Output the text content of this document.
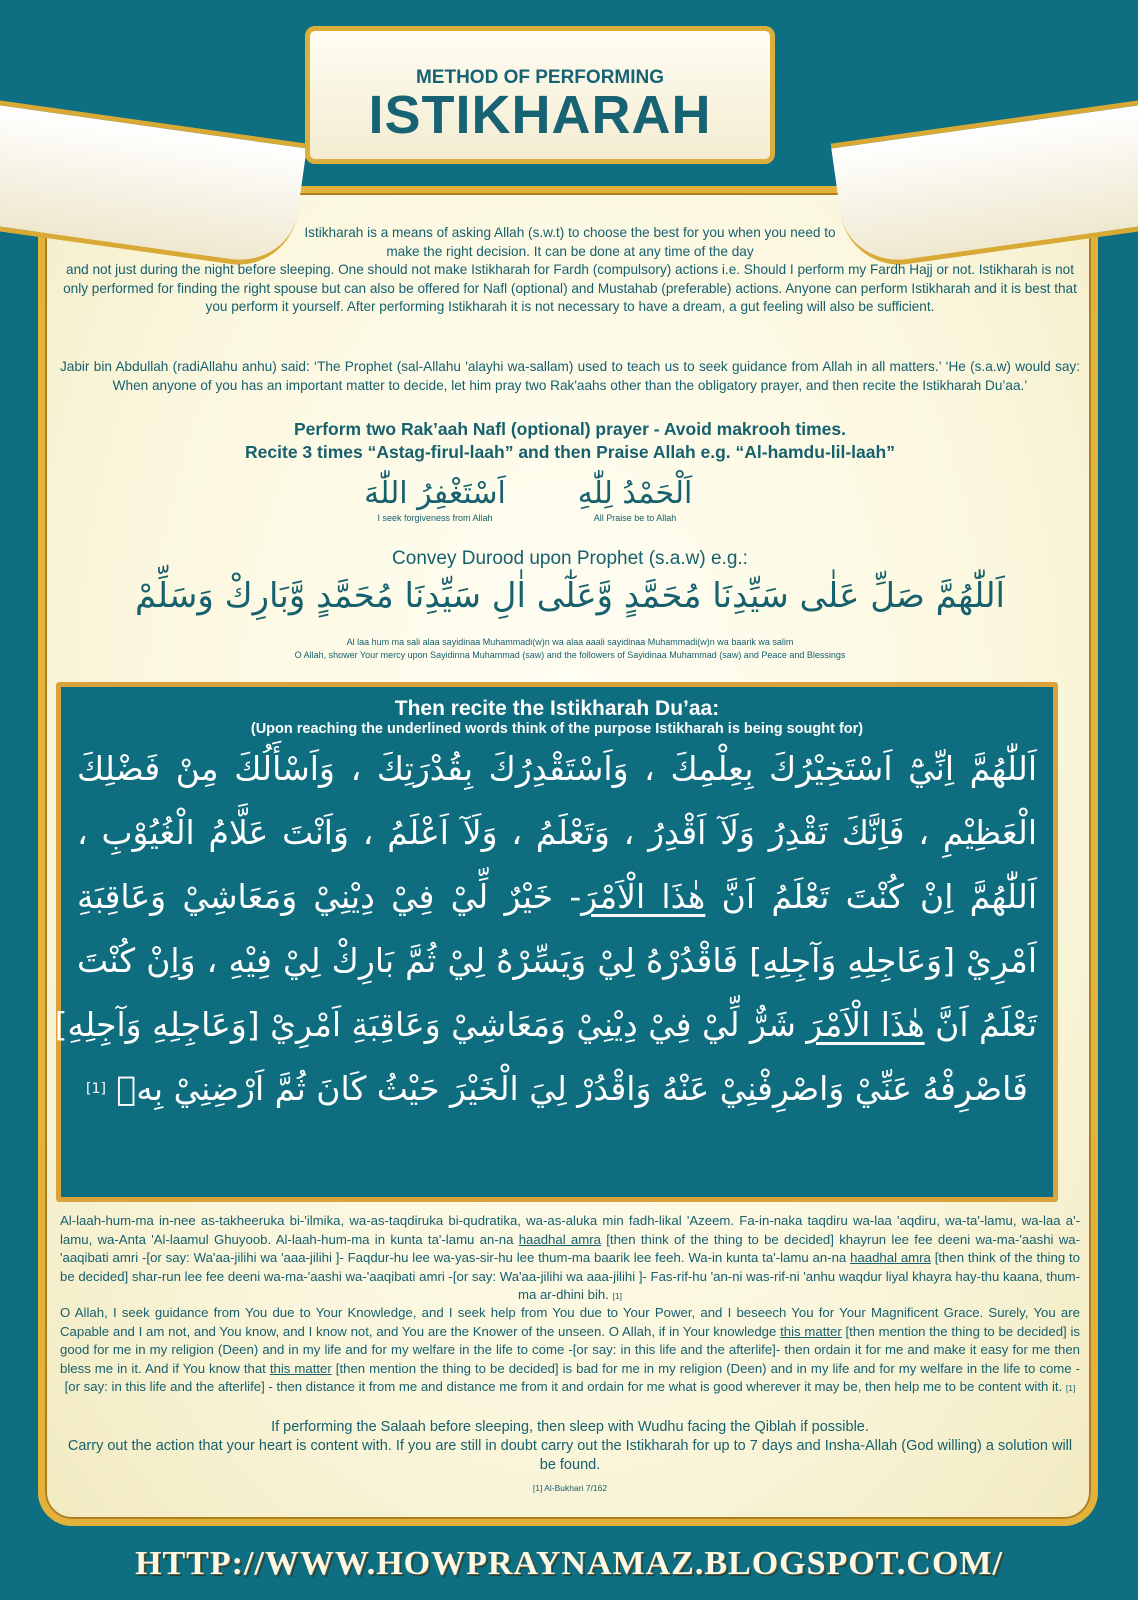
METHOD OF PERFORMING
ISTIKHARAH
Istikharah is a means of asking Allah (s.w.t) to choose the best for you when you need to make the right decision. It can be done at any time of the day
and not just during the night before sleeping. One should not make Istikharah for Fardh (compulsory) actions i.e. Should I perform my Fardh Hajj or not. Istikharah is not only performed for finding the right spouse but can also be offered for Nafl (optional) and Mustahab (preferable) actions. Anyone can perform Istikharah and it is best that you perform it yourself. After performing Istikharah it is not necessary to have a dream, a gut feeling will also be sufficient.
Jabir bin Abdullah (radiAllahu anhu) said: ‘The Prophet (sal-Allahu 'alayhi wa-sallam) used to teach us to seek guidance from Allah in all matters.’ ‘He (s.a.w) would say: When anyone of you has an important matter to decide, let him pray two Rak'aahs other than the obligatory prayer, and then recite the Istikharah Du’aa.’
Perform two Rak’aah Nafl (optional) prayer - Avoid makrooh times.
Recite 3 times “Astag-firul-laah” and then Praise Allah e.g. “Al-hamdu-lil-laah”
اَسْتَغْفِرُ اللّٰهَ
I seek forgiveness from Allah
اَلْحَمْدُ لِلّٰهِ
All Praise be to Allah
Convey Durood upon Prophet (s.a.w) e.g.:
اَللّٰهُمَّ صَلِّ عَلٰى سَيِّدِنَا مُحَمَّدٍ وَّعَلٰٓى اٰلِ سَيِّدِنَا مُحَمَّدٍ وَّبَارِكْ وَسَلِّمْ
Al laa hum ma sali alaa sayidinaa Muhammadi(w)n wa alaa aaali sayidinaa Muhammadi(w)n wa baarik wa salim
O Allah, shower Your mercy upon Sayidinna Muhammad (saw) and the followers of Sayidinaa Muhammad (saw) and Peace and Blessings
Then recite the Istikharah Du’aa:
(Upon reaching the underlined words think of the purpose Istikharah is being sought for)
اَللّٰهُمَّ اِنِّيْٓ اَسْتَخِيْرُكَ بِعِلْمِكَ ، وَاَسْتَقْدِرُكَ بِقُدْرَتِكَ ، وَاَسْأَلُكَ مِنْ فَضْلِكَ
الْعَظِيْمِ ، فَاِنَّكَ تَقْدِرُ وَلَآ اَقْدِرُ ، وَتَعْلَمُ ، وَلَآ اَعْلَمُ ، وَاَنْتَ عَلَّامُ الْغُيُوْبِ ،
اَللّٰهُمَّ اِنْ كُنْتَ تَعْلَمُ اَنَّ هٰذَا الْاَمْرَ- خَيْرٌ لِّيْ فِيْ دِيْنِيْ وَمَعَاشِيْ وَعَاقِبَةِ
اَمْرِيْ [وَعَاجِلِهِ وَآجِلِهِ] فَاقْدُرْهُ لِيْ وَيَسِّرْهُ لِيْ ثُمَّ بَارِكْ لِيْ فِيْهِ ، وَاِنْ كُنْتَ
تَعْلَمُ اَنَّ هٰذَا الْاَمْرَ شَرٌّ لِّيْ فِيْ دِيْنِيْ وَمَعَاشِيْ وَعَاقِبَةِ اَمْرِيْ [وَعَاجِلِهِ وَآجِلِهِ]
فَاصْرِفْهُ عَنِّيْ وَاصْرِفْنِيْ عَنْهُ وَاقْدُرْ لِيَ الْخَيْرَ حَيْثُ كَانَ ثُمَّ اَرْضِنِيْ بِهٖ [1]
Al-laah-hum-ma in-nee as-takheeruka bi-'ilmika, wa-as-taqdiruka bi-qudratika, wa-as-aluka min fadh-likal 'Azeem. Fa-in-naka taqdiru wa-laa 'aqdiru, wa-ta'-lamu, wa-laa a'-lamu, wa-Anta 'Al-laamul Ghuyoob. Al-laah-hum-ma in kunta ta'-lamu an-na haadhal amra [then think of the thing to be decided] khayrun lee fee deeni wa-ma-'aashi wa-'aaqibati amri -[or say: Wa'aa-jilihi wa 'aaa-jilihi ]- Faqdur-hu lee wa-yas-sir-hu lee thum-ma baarik lee feeh. Wa-in kunta ta'-lamu an-na haadhal amra [then think of the thing to be decided] shar-run lee fee deeni wa-ma-'aashi wa-'aaqibati amri -[or say: Wa'aa-jilihi wa aaa-jilihi ]- Fas-rif-hu 'an-ni was-rif-ni 'anhu waqdur liyal khayra hay-thu kaana, thum-ma ar-dhini bih. [1]
O Allah, I seek guidance from You due to Your Knowledge, and I seek help from You due to Your Power, and I beseech You for Your Magnificent Grace. Surely, You are Capable and I am not, and You know, and I know not, and You are the Knower of the unseen. O Allah, if in Your knowledge this matter [then mention the thing to be decided] is good for me in my religion (Deen) and in my life and for my welfare in the life to come -[or say: in this life and the afterlife]- then ordain it for me and make it easy for me then bless me in it. And if You know that this matter [then mention the thing to be decided] is bad for me in my religion (Deen) and in my life and for my welfare in the life to come - [or say: in this life and the afterlife] - then distance it from me and distance me from it and ordain for me what is good wherever it may be, then help me to be content with it. [1]
If performing the Salaah before sleeping, then sleep with Wudhu facing the Qiblah if possible.
Carry out the action that your heart is content with. If you are still in doubt carry out the Istikharah for up to 7 days and Insha-Allah (God willing) a solution will be found.
[1] Al-Bukhari 7/162
HTTP://WWW.HOWPRAYNAMAZ.BLOGSPOT.COM/
